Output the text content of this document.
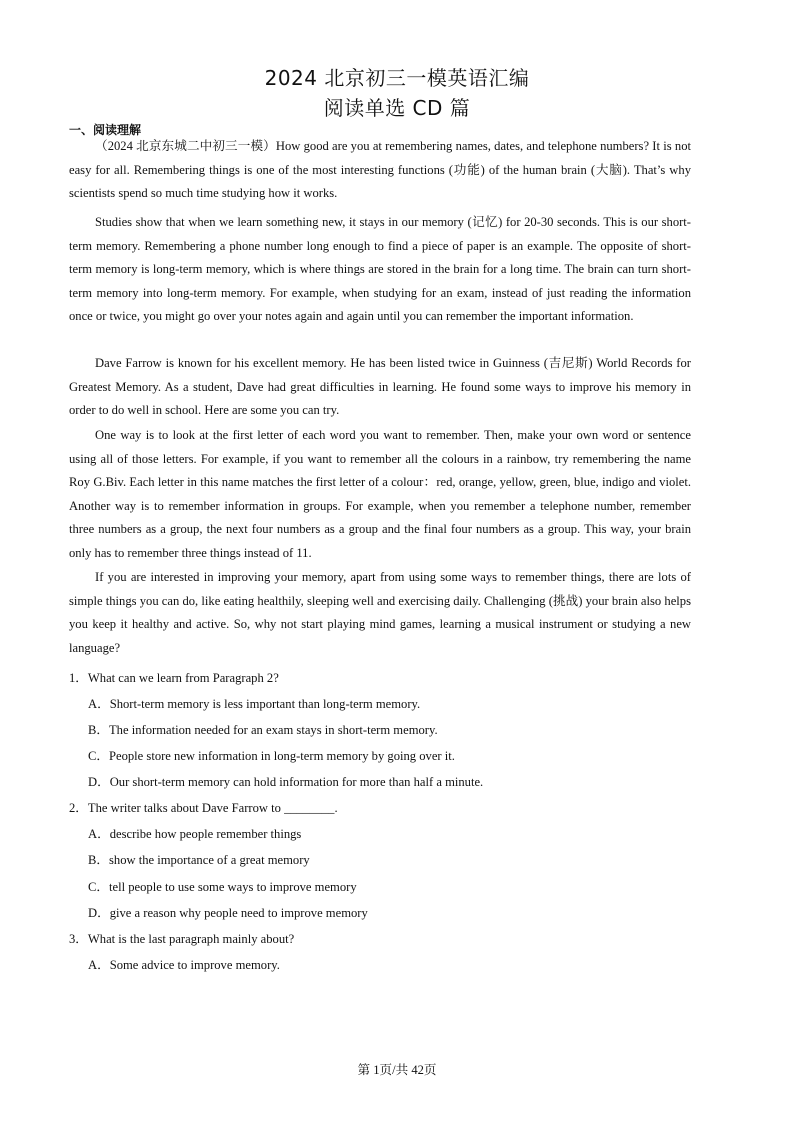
2024 北京初三一模英语汇编
阅读单选 CD 篇
一、阅读理解

（2024 北京东城二中初三一模）How good are you at remembering names, dates, and telephone numbers? It is not easy for all. Remembering things is one of the most interesting functions (功能) of the human brain (大脑). That’s why scientists spend so much time studying how it works.

Studies show that when we learn something new, it stays in our memory (记忆) for 20-30 seconds. This is our short-term memory. Remembering a phone number long enough to find a piece of paper is an example. The opposite of short-term memory is long-term memory, which is where things are stored in the brain for a long time. The brain can turn short-term memory into long-term memory. For example, when studying for an exam, instead of just reading the information once or twice, you might go over your notes again and again until you can remember the important information.

Dave Farrow is known for his excellent memory. He has been listed twice in Guinness (吉尼斯) World Records for Greatest Memory. As a student, Dave had great difficulties in learning. He found some ways to improve his memory in order to do well in school. Here are some you can try.

One way is to look at the first letter of each word you want to remember. Then, make your own word or sentence using all of those letters. For example, if you want to remember all the colours in a rainbow, try remembering the name Roy G.Biv. Each letter in this name matches the first letter of a colour：red, orange, yellow, green, blue, indigo and violet. Another way is to remember information in groups. For example, when you remember a telephone number, remember three numbers as a group, the next four numbers as a group and the final four numbers as a group. This way, your brain only has to remember three things instead of 11.

If you are interested in improving your memory, apart from using some ways to remember things, there are lots of simple things you can do, like eating healthily, sleeping well and exercising daily. Challenging (挑战) your brain also helps you keep it healthy and active. So, why not start playing mind games, learning a musical instrument or studying a new language?

1．What can we learn from Paragraph 2?
A．Short-term memory is less important than long-term memory.
B．The information needed for an exam stays in short-term memory.
C．People store new information in long-term memory by going over it.
D．Our short-term memory can hold information for more than half a minute.
2．The writer talks about Dave Farrow to ________.
A．describe how people remember things
B．show the importance of a great memory
C．tell people to use some ways to improve memory
D．give a reason why people need to improve memory
3．What is the last paragraph mainly about?
A．Some advice to improve memory.
第 1页/共 42页
